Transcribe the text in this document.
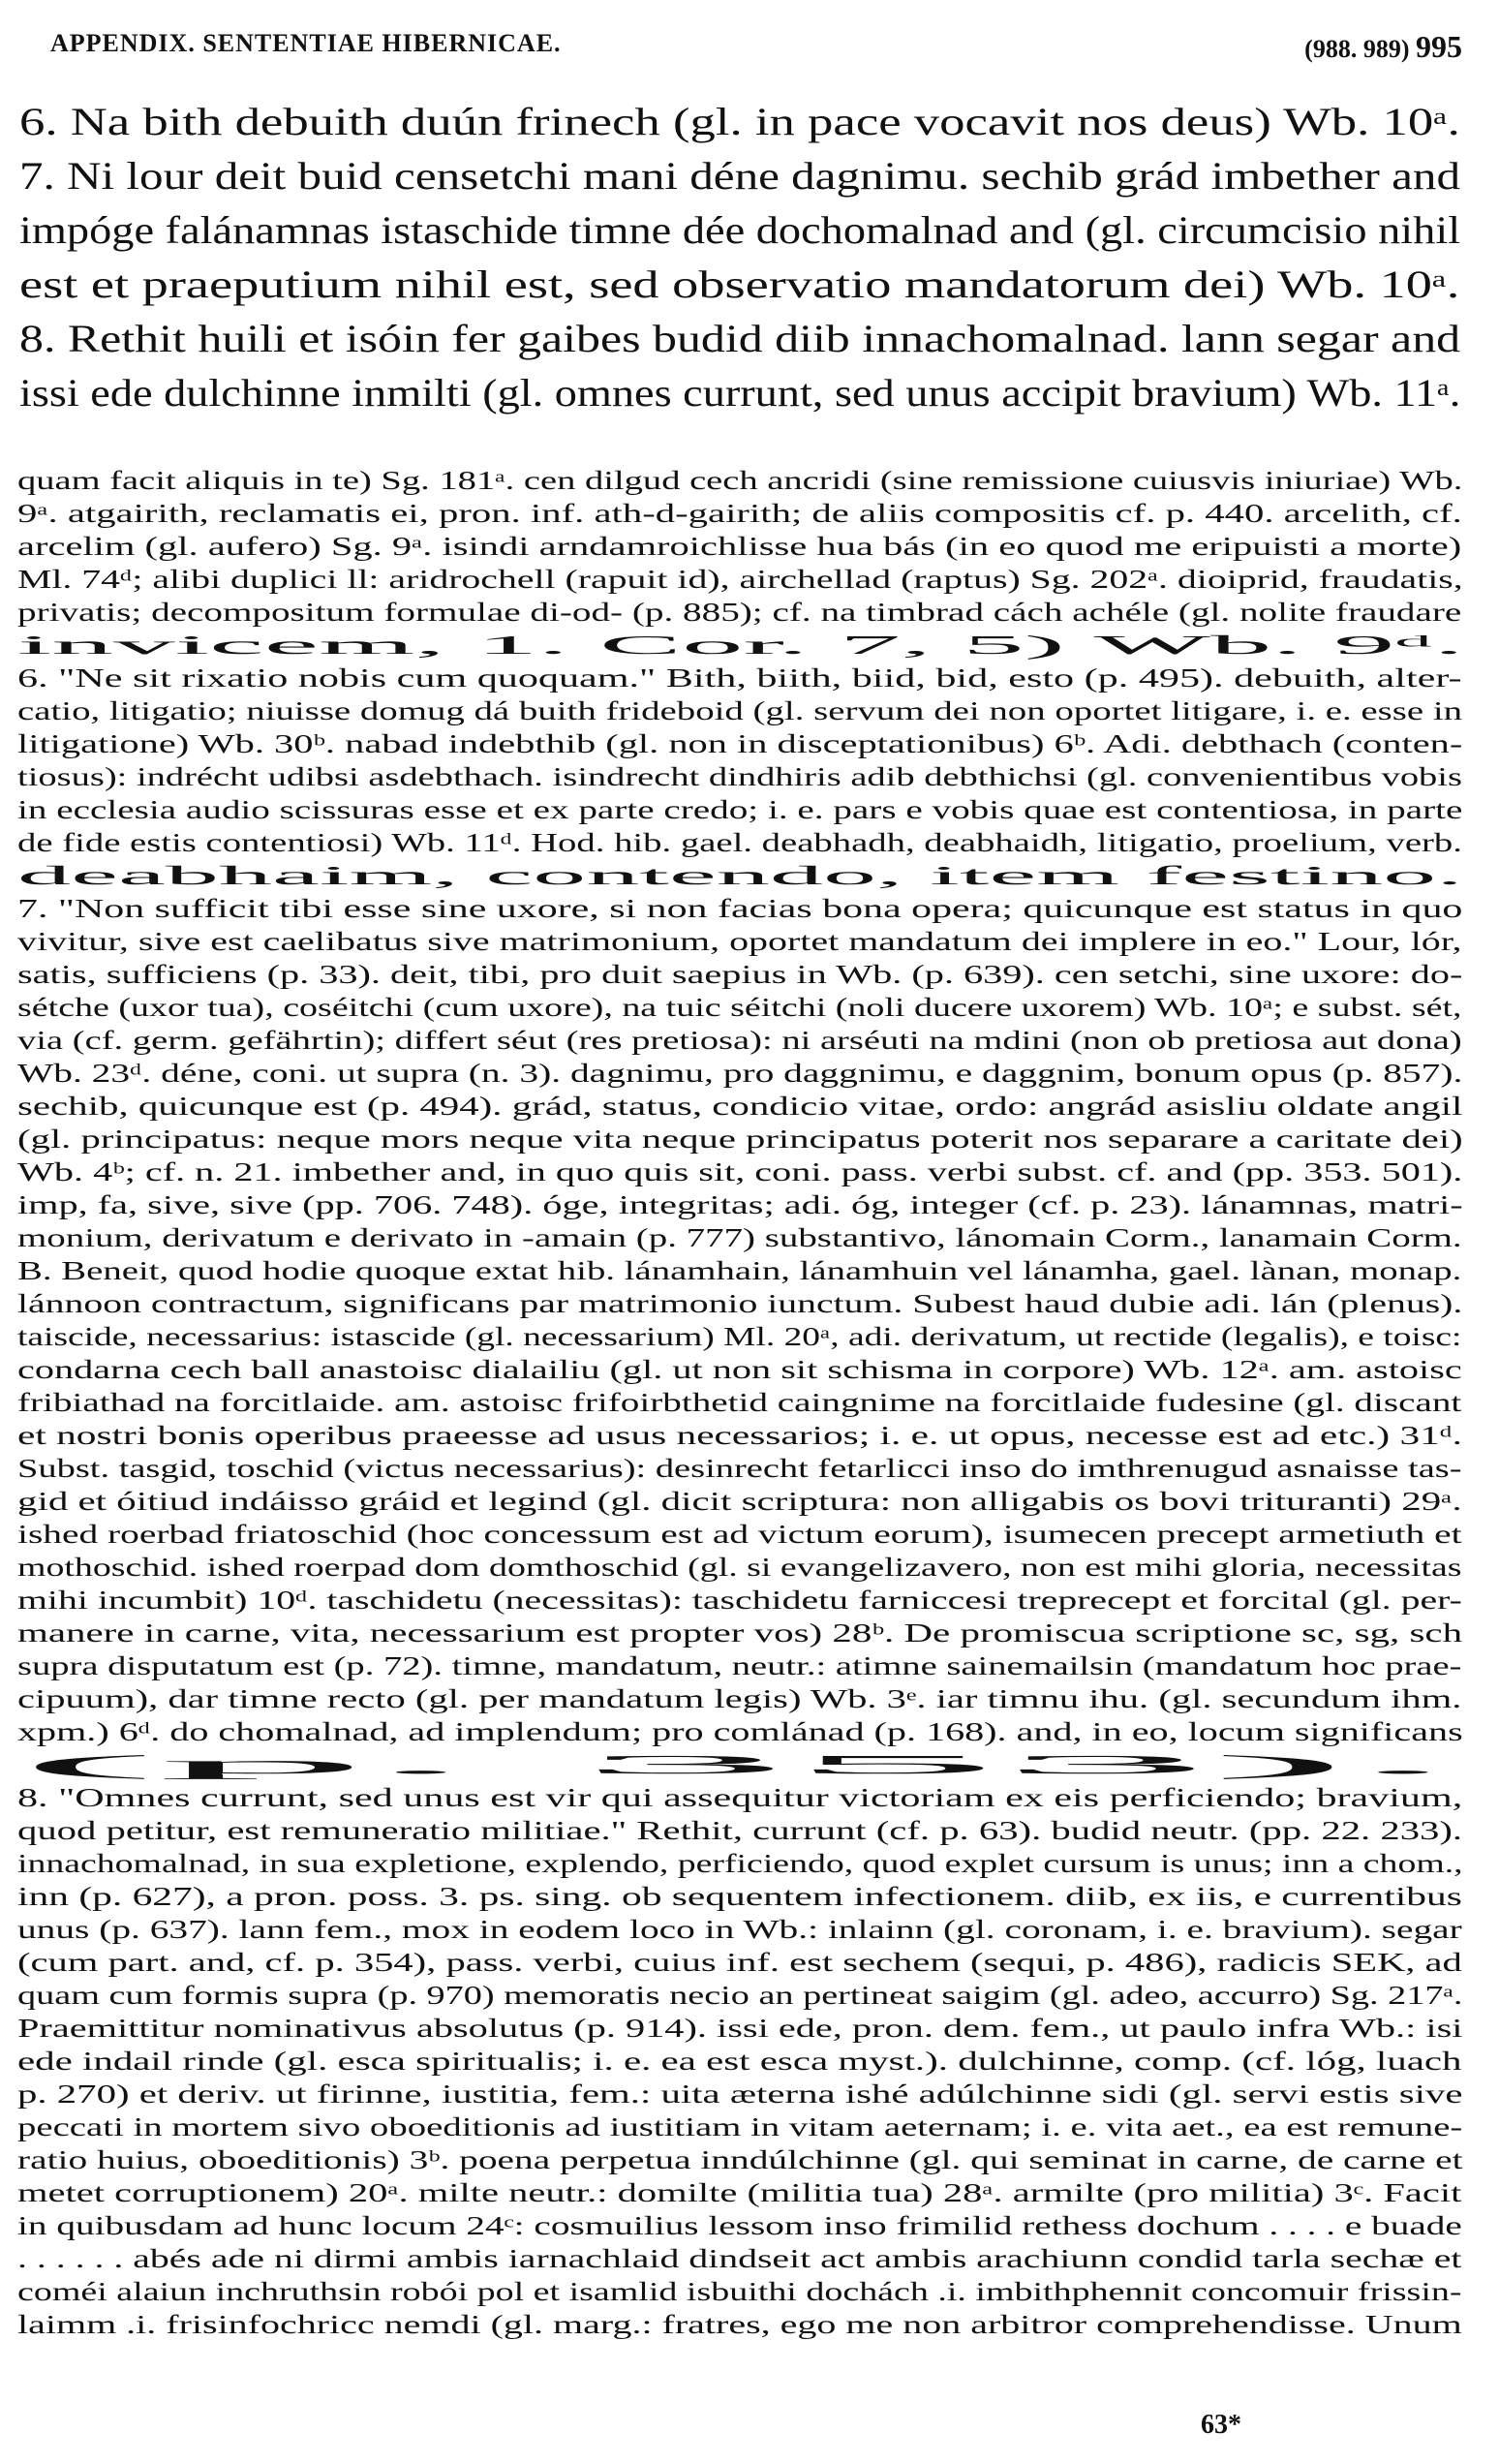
APPENDIX. SENTENTIAE HIBERNICAE.	(988. 989) 995
6. Na bith debuith duún frinech (gl. in pace vocavit nos deus) Wb. 10ᵃ.
7. Ni lour deit buid censetchi mani déne dagnimu. sechib grád imbether and
impóge falánamnas istaschide timne dée dochomalnad and (gl. circumcisio nihil
est et praeputium nihil est, sed observatio mandatorum dei) Wb. 10ᵃ.
8. Rethit huili et isóin fer gaibes budid diib innachomalnad. lann segar and
issi ede dulchinne inmilti (gl. omnes currunt, sed unus accipit bravium) Wb. 11ᵃ.
quam facit aliquis in te) Sg. 181ᵃ. cen dilgud cech ancridi (sine remissione cuiusvis iniuriae) Wb.
9ᵃ. atgairith, reclamatis ei, pron. inf. ath-d-gairith; de aliis compositis cf. p. 440. arcelith, cf.
arcelim (gl. aufero) Sg. 9ᵃ. isindi arndamroichlisse hua bás (in eo quod me eripuisti a morte)
Ml. 74ᵈ; alibi duplici ll: aridrochell (rapuit id), airchellad (raptus) Sg. 202ᵃ. dioiprid, fraudatis,
privatis; decompositum formulae di-od- (p. 885); cf. na timbrad cách achéle (gl. nolite fraudare
invicem, 1. Cor. 7, 5) Wb. 9ᵈ.
6. "Ne sit rixatio nobis cum quoquam." Bith, biith, biid, bid, esto (p. 495). debuith, alter-
catio, litigatio; niuisse domug dá buith frideboid (gl. servum dei non oportet litigare, i. e. esse in
litigatione) Wb. 30ᵇ. nabad indebthib (gl. non in disceptationibus) 6ᵇ. Adi. debthach (conten-
tiosus): indrécht udibsi asdebthach. isindrecht dindhiris adib debthichsi (gl. convenientibus vobis
in ecclesia audio scissuras esse et ex parte credo; i. e. pars e vobis quae est contentiosa, in parte
de fide estis contentiosi) Wb. 11ᵈ. Hod. hib. gael. deabhadh, deabhaidh, litigatio, proelium, verb.
deabhaim, contendo, item festino.
7. "Non sufficit tibi esse sine uxore, si non facias bona opera; quicunque est status in quo
vivitur, sive est caelibatus sive matrimonium, oportet mandatum dei implere in eo." Lour, lór,
satis, sufficiens (p. 33). deit, tibi, pro duit saepius in Wb. (p. 639). cen setchi, sine uxore: do-
sétche (uxor tua), coséitchi (cum uxore), na tuic séitchi (noli ducere uxorem) Wb. 10ᵃ; e subst. sét,
via (cf. germ. gefährtin); differt séut (res pretiosa): ni arséuti na mdini (non ob pretiosa aut dona)
Wb. 23ᵈ. déne, coni. ut supra (n. 3). dagnimu, pro daggnimu, e daggnim, bonum opus (p. 857).
sechib, quicunque est (p. 494). grád, status, condicio vitae, ordo: angrád asisliu oldate angil
(gl. principatus: neque mors neque vita neque principatus poterit nos separare a caritate dei)
Wb. 4ᵇ; cf. n. 21. imbether and, in quo quis sit, coni. pass. verbi subst. cf. and (pp. 353. 501).
imp, fa, sive, sive (pp. 706. 748). óge, integritas; adi. óg, integer (cf. p. 23). lánamnas, matri-
monium, derivatum e derivato in -amain (p. 777) substantivo, lánomain Corm., lanamain Corm.
B. Beneit, quod hodie quoque extat hib. lánamhain, lánamhuin vel lánamha, gael. lànan, monap.
lánnoon contractum, significans par matrimonio iunctum. Subest haud dubie adi. lán (plenus).
taiscide, necessarius: istascide (gl. necessarium) Ml. 20ᵃ, adi. derivatum, ut rectide (legalis), e toisc:
condarna cech ball anastoisc dialailiu (gl. ut non sit schisma in corpore) Wb. 12ᵃ. am. astoisc
fribiathad na forcitlaide. am. astoisc frifoirbthetid caingnime na forcitlaide fudesine (gl. discant
et nostri bonis operibus praeesse ad usus necessarios; i. e. ut opus, necesse est ad etc.) 31ᵈ.
Subst. tasgid, toschid (victus necessarius): desinrecht fetarlicci inso do imthrenugud asnaisse tas-
gid et óitiud indáisso gráid et legind (gl. dicit scriptura: non alligabis os bovi trituranti) 29ᵃ.
ished roerbad friatoschid (hoc concessum est ad victum eorum), isumecen precept armetiuth et
mothoschid. ished roerpad dom domthoschid (gl. si evangelizavero, non est mihi gloria, necessitas
mihi incumbit) 10ᵈ. taschidetu (necessitas): taschidetu farniccesi treprecept et forcital (gl. per-
manere in carne, vita, necessarium est propter vos) 28ᵇ. De promiscua scriptione sc, sg, sch
supra disputatum est (p. 72). timne, mandatum, neutr.: atimne sainemailsin (mandatum hoc prae-
cipuum), dar timne recto (gl. per mandatum legis) Wb. 3ᵉ. iar timnu ihu. (gl. secundum ihm.
xpm.) 6ᵈ. do chomalnad, ad implendum; pro comlánad (p. 168). and, in eo, locum significans
(p. 353).
8. "Omnes currunt, sed unus est vir qui assequitur victoriam ex eis perficiendo; bravium,
quod petitur, est remuneratio militiae." Rethit, currunt (cf. p. 63). budid neutr. (pp. 22. 233).
innachomalnad, in sua expletione, explendo, perficiendo, quod explet cursum is unus; inn a chom.,
inn (p. 627), a pron. poss. 3. ps. sing. ob sequentem infectionem. diib, ex iis, e currentibus
unus (p. 637). lann fem., mox in eodem loco in Wb.: inlainn (gl. coronam, i. e. bravium). segar
(cum part. and, cf. p. 354), pass. verbi, cuius inf. est sechem (sequi, p. 486), radicis SEK, ad
quam cum formis supra (p. 970) memoratis necio an pertineat saigim (gl. adeo, accurro) Sg. 217ᵃ.
Praemittitur nominativus absolutus (p. 914). issi ede, pron. dem. fem., ut paulo infra Wb.: isi
ede indail rinde (gl. esca spiritualis; i. e. ea est esca myst.). dulchinne, comp. (cf. lóg, luach
p. 270) et deriv. ut firinne, iustitia, fem.: uita æterna ishé adúlchinne sidi (gl. servi estis sive
peccati in mortem sivo oboeditionis ad iustitiam in vitam aeternam; i. e. vita aet., ea est remune-
ratio huius, oboeditionis) 3ᵇ. poena perpetua inndúlchinne (gl. qui seminat in carne, de carne et
metet corruptionem) 20ᵃ. milte neutr.: domilte (militia tua) 28ᵃ. armilte (pro militia) 3ᶜ. Facit
in quibusdam ad hunc locum 24ᶜ: cosmuilius lessom inso frimilid rethess dochum . . . . e buade
. . . . . . abés ade ni dirmi ambis iarnachlaid dindseit act ambis arachiunn condid tarla sechæ et
coméi alaiun inchruthsin robói pol et isamlid isbuithi dochách .i. imbithphennit concomuir frissin-
laimm .i. frisinfochricc nemdi (gl. marg.: fratres, ego me non arbitror comprehendisse. Unum
63*
